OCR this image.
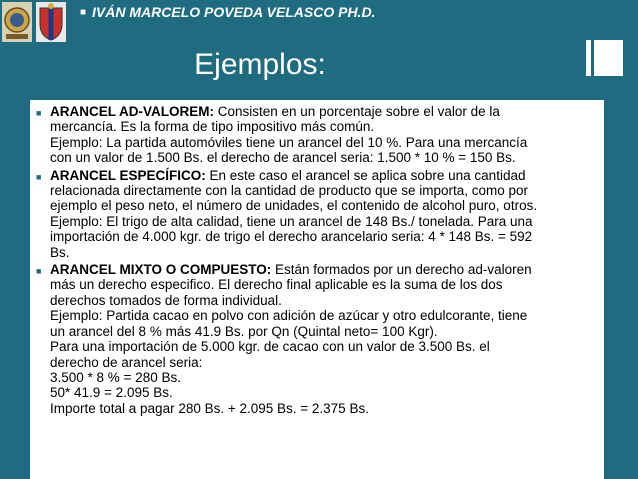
■ IVÁN MARCELO POVEDA VELASCO PH.D.
Ejemplos:
■ ARANCEL AD-VALOREM: Consisten en un porcentaje sobre el valor de la
mercancía. Es la forma de tipo impositivo más común.
Ejemplo: La partida automóviles tiene un arancel del 10 %. Para una mercancía
con un valor de 1.500 Bs. el derecho de arancel seria: 1.500 * 10 % = 150 Bs.
■ ARANCEL ESPECÍFICO: En este caso el arancel se aplica sobre una cantidad
relacionada directamente con la cantidad de producto que se importa, como por
ejemplo el peso neto, el número de unidades, el contenido de alcohol puro, otros.
Ejemplo: El trigo de alta calidad, tiene un arancel de 148 Bs./ tonelada. Para una
importación de 4.000 kgr. de trigo el derecho arancelario seria: 4 * 148 Bs. = 592
Bs.
■ ARANCEL MIXTO O COMPUESTO: Están formados por un derecho ad-valoren
más un derecho especifico. El derecho final aplicable es la suma de los dos
derechos tomados de forma individual.
Ejemplo: Partida cacao en polvo con adición de azúcar y otro edulcorante, tiene
un arancel del 8 % más 41.9 Bs. por Qn (Quintal neto= 100 Kgr).
Para una importación de 5.000 kgr. de cacao con un valor de 3.500 Bs. el
derecho de arancel seria:
3.500 * 8 % = 280 Bs.
50* 41.9 = 2.095 Bs.
Importe total a pagar 280 Bs. + 2.095 Bs. = 2.375 Bs.
